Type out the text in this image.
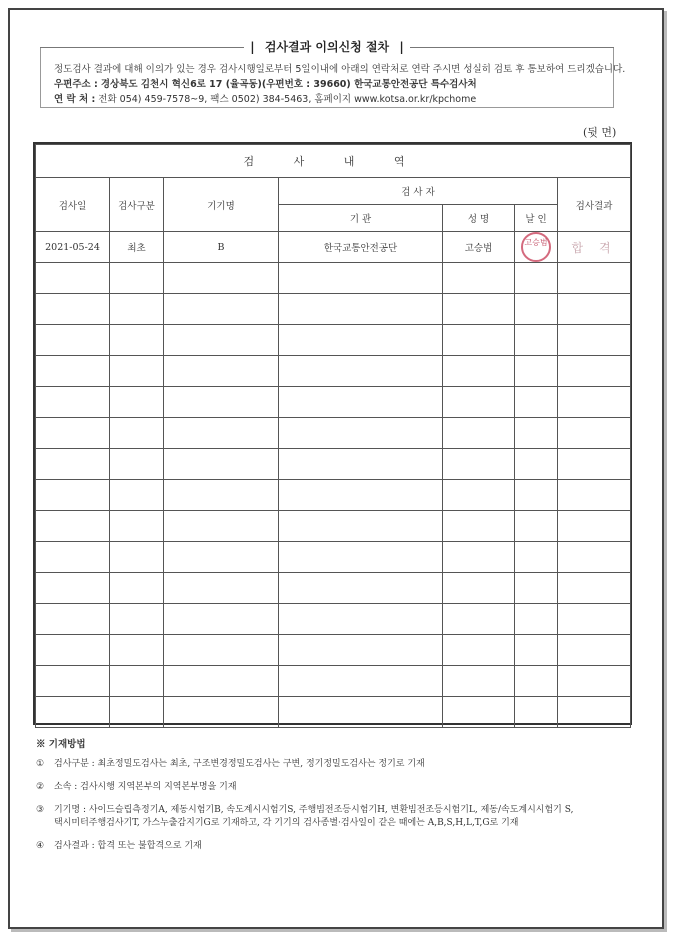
| 검사결과 이의신청 절차 |
정도검사 결과에 대해 이의가 있는 경우 검사시행일로부터 5일이내에 아래의 연락처로 연락 주시면 성실히 검토 후 통보하여 드리겠습니다.
우편주소 : 경상북도 김천시 혁신6로 17 (율곡동)(우편번호 : 39660) 한국교통안전공단 특수검사처
연 락 처 : 전화 054) 459-7578~9, 팩스 0502) 384-5463, 홈페이지 www.kotsa.or.kr/kpchome
(뒷 면)
검 사 내 역						
검사일	검사구분	기기명	검 사 자			검사결과
			기 관	성 명	날 인	
2021-05-24	최초	B	한국교통안전공단	고승범	고승범	합 격

※ 기재방법
① 검사구분 : 최초정밀도검사는 최초, 구조변경정밀도검사는 구변, 정기정밀도검사는 정기로 기재
② 소속 : 검사시행 지역본부의 지역본부명을 기재
③ 기기명 : 사이드슬립측정기A, 제동시험기B, 속도계시시험기S, 주행빔전조등시험기H, 변환빔전조등시험기L, 제동/속도계시시험기 S,
택시미터주행검사기T, 가스누출감지기G로 기재하고, 각 기기의 검사종별·검사일이 같은 때에는 A,B,S,H,L,T,G로 기재
④ 검사결과 : 합격 또는 불합격으로 기재
